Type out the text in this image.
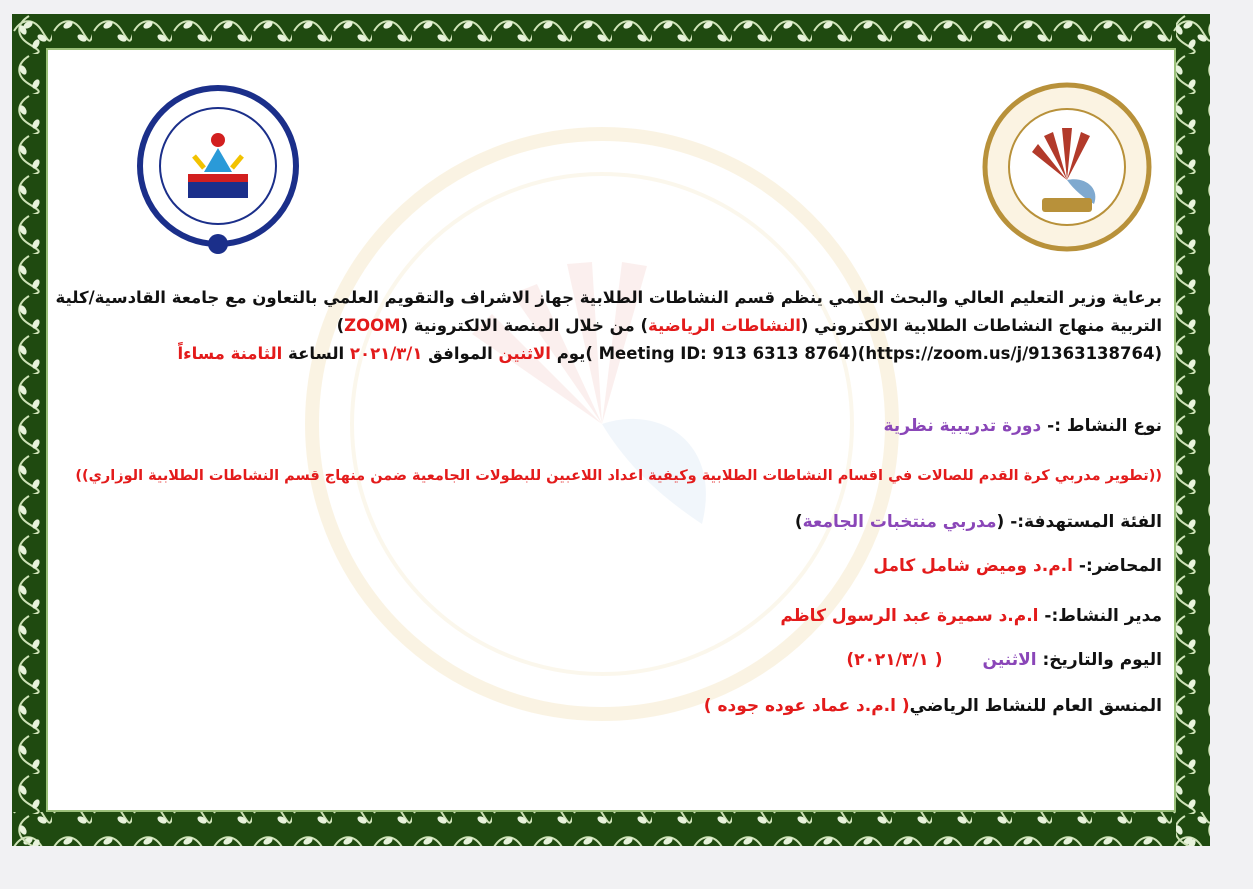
برعاية وزير التعليم العالي والبحث العلمي ينظم قسم النشاطات الطلابية جهاز الاشراف والتقويم العلمي بالتعاون مع جامعة القادسية/كلية
التربية منهاج النشاطات الطلابية الالكتروني (النشاطات الرياضية) من خلال المنصة الالكترونية (ZOOM)
(https://zoom.us/j/91363138764)(Meeting ID: 913 6313 8764 )يوم الاثنين الموافق ٢٠٢١/٣/١ الساعة الثامنة مساءاً

نوع النشاط :- دورة تدريبية نظرية

((تطوير مدربي كرة القدم للصالات في اقسام النشاطات الطلابية وكيفية اعداد اللاعبين للبطولات الجامعية ضمن منهاج قسم النشاطات الطلابية الوزاري))

الفئة المستهدفة:- (مدربي منتخبات الجامعة)

المحاضر:- ا.م.د وميض شامل كامل

مدير النشاط:- ا.م.د سميرة عبد الرسول كاظم

اليوم والتاريخ: الاثنين( ٢٠٢١/٣/١)

المنسق العام للنشاط الرياضي( ا.م.د عماد عوده جوده )
